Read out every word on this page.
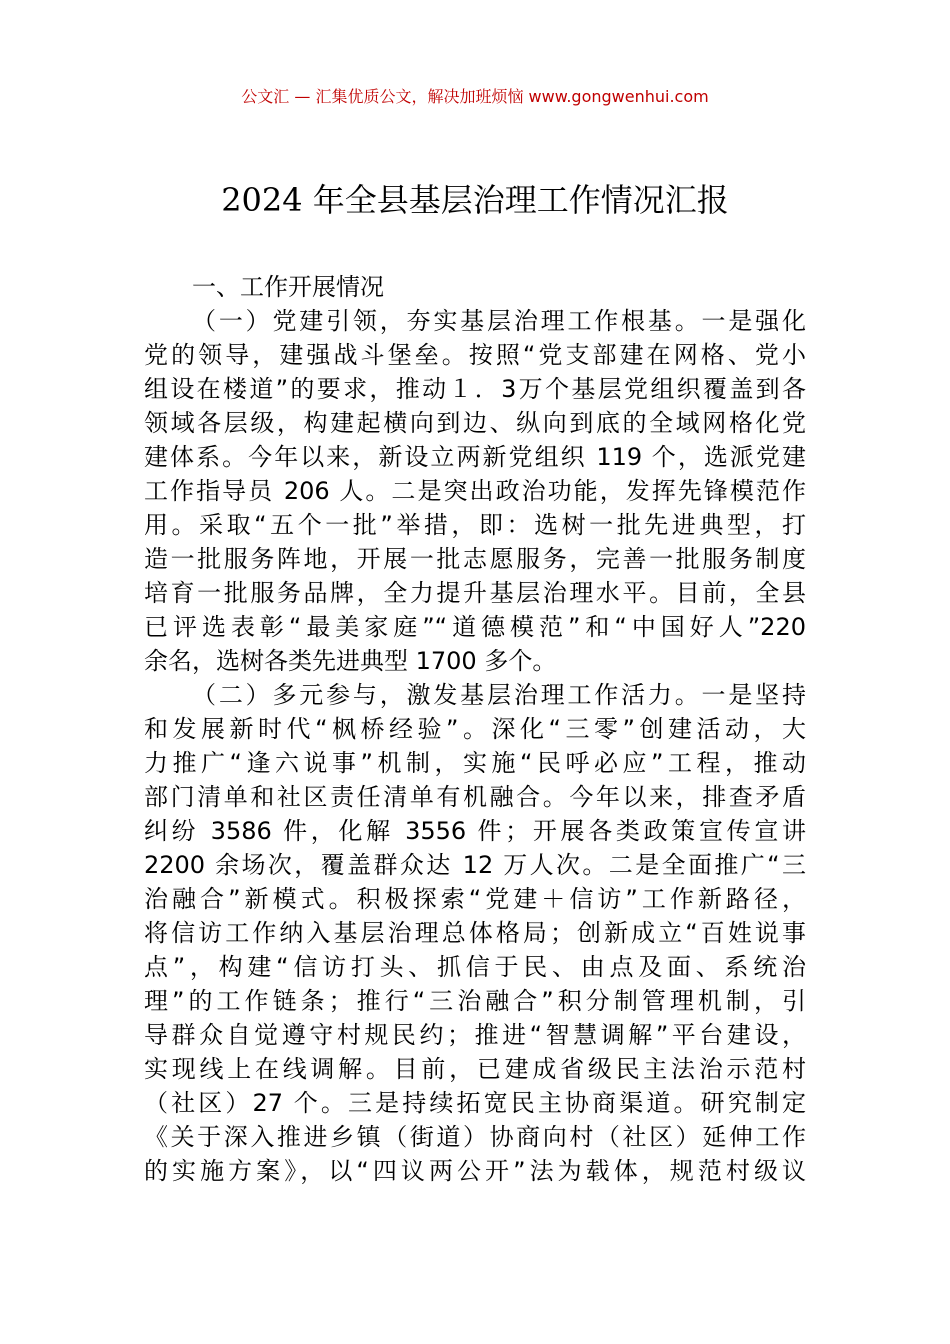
公文汇 — 汇集优质公文，解决加班烦恼 www.gongwenhui.com
2024 年全县基层治理工作情况汇报
一、工作开展情况
（一）党建引领，夯实基层治理工作根基。一是强化
党的领导，建强战斗堡垒。按照“党支部建在网格、党小
组设在楼道”的要求，推动１．3万个基层党组织覆盖到各
领域各层级，构建起横向到边、纵向到底的全域网格化党
建体系。今年以来，新设立两新党组织 119 个，选派党建
工作指导员 206 人。二是突出政治功能，发挥先锋模范作
用。采取“五个一批”举措，即：选树一批先进典型，打
造一批服务阵地，开展一批志愿服务，完善一批服务制度
培育一批服务品牌，全力提升基层治理水平。目前，全县
已评选表彰“最美家庭”“道德模范”和“中国好人”220
余名，选树各类先进典型 1700 多个。
（二）多元参与，激发基层治理工作活力。一是坚持
和发展新时代“枫桥经验”。深化“三零”创建活动，大
力推广“逢六说事”机制，实施“民呼必应”工程，推动
部门清单和社区责任清单有机融合。今年以来，排查矛盾
纠纷 3586 件，化解 3556 件；开展各类政策宣传宣讲
2200 余场次，覆盖群众达 12 万人次。二是全面推广“三
治融合”新模式。积极探索“党建＋信访”工作新路径，
将信访工作纳入基层治理总体格局；创新成立“百姓说事
点”，构建“信访打头、抓信于民、由点及面、系统治
理”的工作链条；推行“三治融合”积分制管理机制，引
导群众自觉遵守村规民约；推进“智慧调解”平台建设，
实现线上在线调解。目前，已建成省级民主法治示范村
（社区）27 个。三是持续拓宽民主协商渠道。研究制定
《关于深入推进乡镇（街道）协商向村（社区）延伸工作
的实施方案》，以“四议两公开”法为载体，规范村级议
